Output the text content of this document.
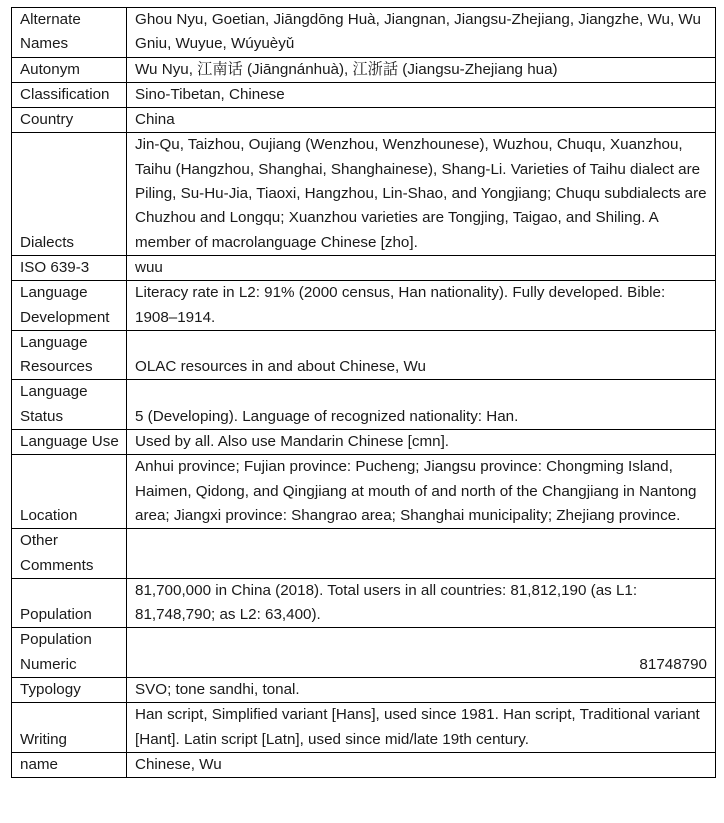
Alternate Names	Ghou Nyu, Goetian, Jiāngdōng Huà, Jiangnan, Jiangsu-Zhejiang, Jiangzhe, Wu, Wu Gniu, Wuyue, Wúyuèyǔ
Autonym	Wu Nyu, 江南话 (Jiāngnánhuà), 江浙話 (Jiangsu-Zhejiang hua)
Classification	Sino-Tibetan, Chinese
Country	China
Dialects	Jin-Qu, Taizhou, Oujiang (Wenzhou, Wenzhounese), Wuzhou, Chuqu, Xuanzhou, Taihu (Hangzhou, Shanghai, Shanghainese), Shang-Li. Varieties of Taihu dialect are Piling, Su-Hu-Jia, Tiaoxi, Hangzhou, Lin-Shao, and Yongjiang; Chuqu subdialects are Chuzhou and Longqu; Xuanzhou varieties are Tongjing, Taigao, and Shiling. A member of macrolanguage Chinese [zho].
ISO 639-3	wuu
Language Development	Literacy rate in L2: 91% (2000 census, Han nationality). Fully developed. Bible: 1908–1914.
Language Resources	OLAC resources in and about Chinese, Wu
Language Status	5 (Developing). Language of recognized nationality: Han.
Language Use	Used by all. Also use Mandarin Chinese [cmn].
Location	Anhui province; Fujian province: Pucheng; Jiangsu province: Chongming Island, Haimen, Qidong, and Qingjiang at mouth of and north of the Changjiang in Nantong area; Jiangxi province: Shangrao area; Shanghai municipality; Zhejiang province.
Other Comments	
Population	81,700,000 in China (2018). Total users in all countries: 81,812,190 (as L1: 81,748,790; as L2: 63,400).
Population Numeric	81748790
Typology	SVO; tone sandhi, tonal.
Writing	Han script, Simplified variant [Hans], used since 1981. Han script, Traditional variant [Hant]. Latin script [Latn], used since mid/late 19th century.
name	Chinese, Wu
